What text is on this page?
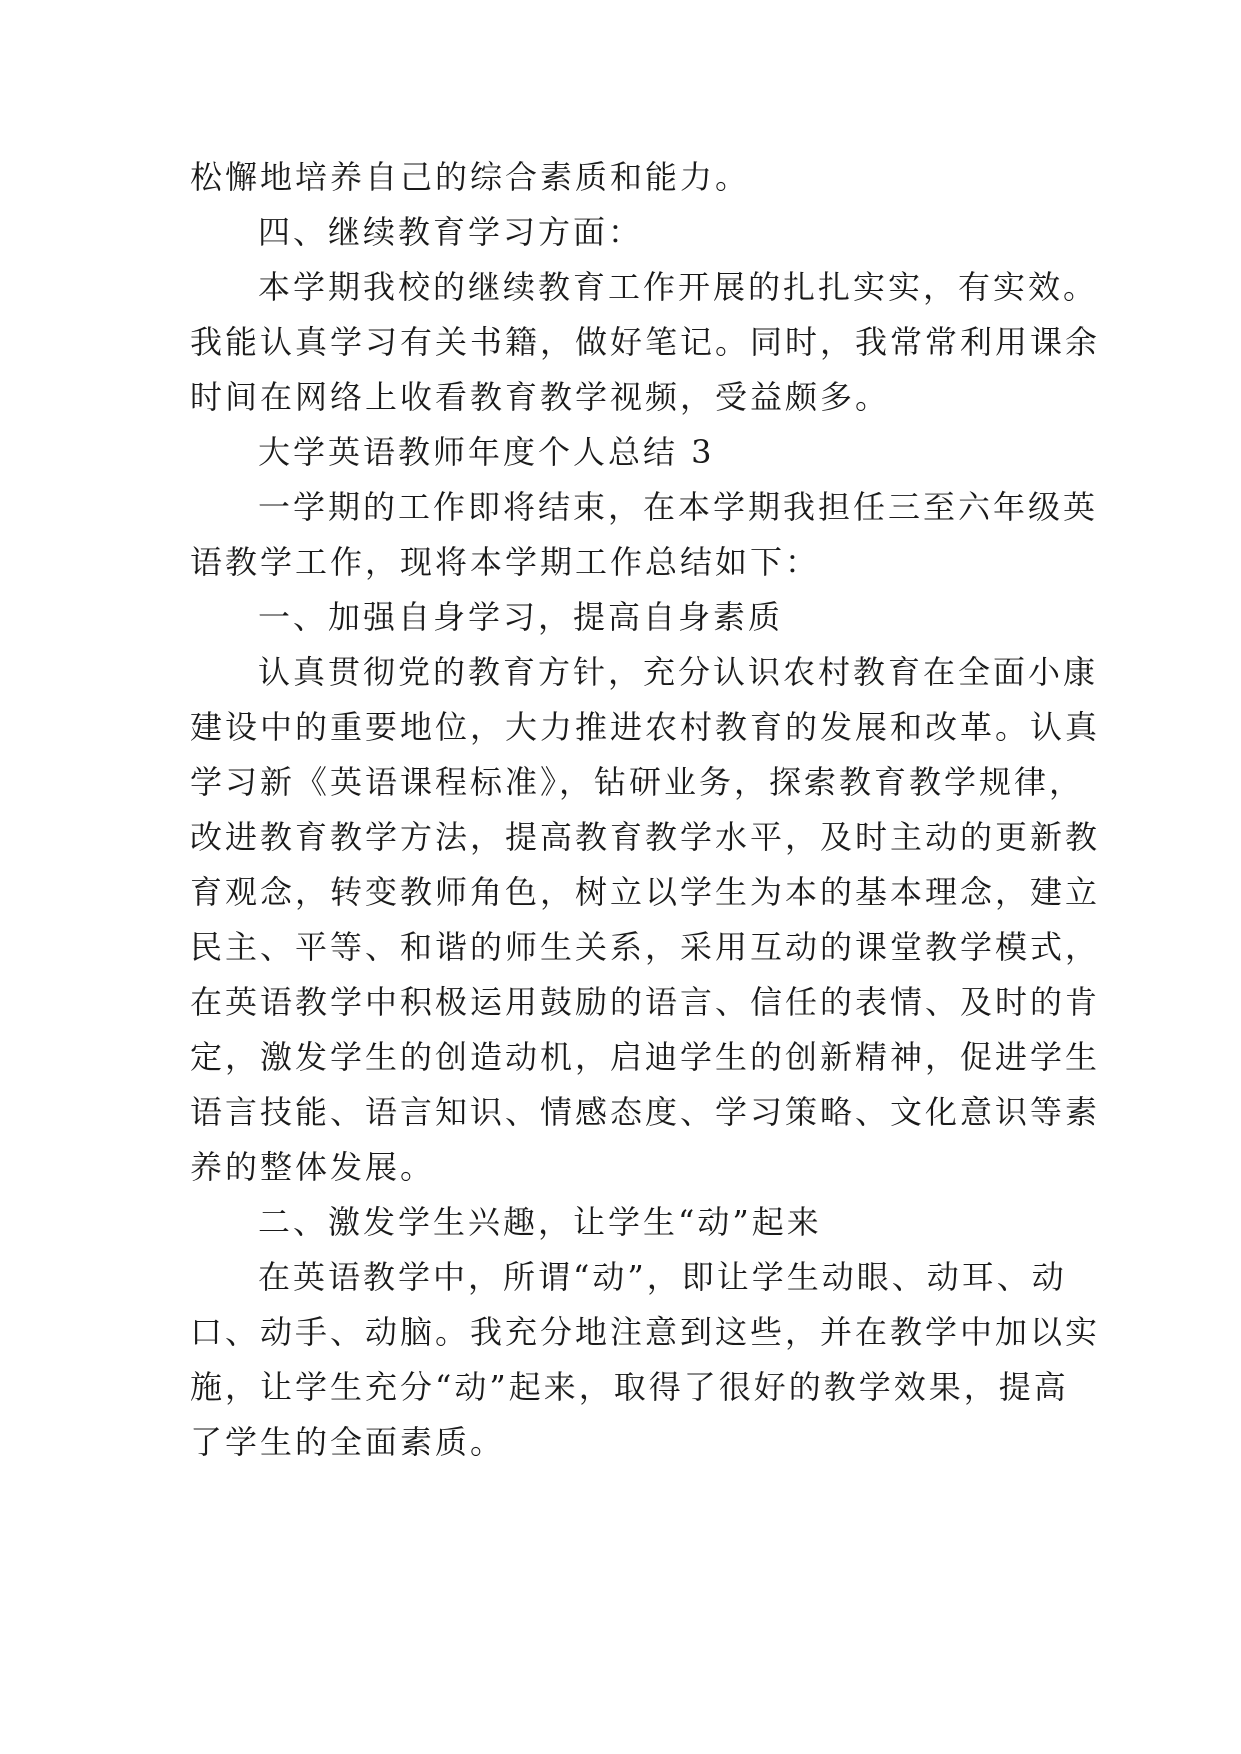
松懈地培养自己的综合素质和能力。
四、继续教育学习方面：
本学期我校的继续教育工作开展的扎扎实实，有实效。
我能认真学习有关书籍，做好笔记。同时，我常常利用课余
时间在网络上收看教育教学视频，受益颇多。
大学英语教师年度个人总结 3
一学期的工作即将结束，在本学期我担任三至六年级英
语教学工作，现将本学期工作总结如下：
一、加强自身学习，提高自身素质
认真贯彻党的教育方针，充分认识农村教育在全面小康
建设中的重要地位，大力推进农村教育的发展和改革。认真
学习新《英语课程标准》，钻研业务，探索教育教学规律，
改进教育教学方法，提高教育教学水平，及时主动的更新教
育观念，转变教师角色，树立以学生为本的基本理念，建立
民主、平等、和谐的师生关系，采用互动的课堂教学模式，
在英语教学中积极运用鼓励的语言、信任的表情、及时的肯
定，激发学生的创造动机，启迪学生的创新精神，促进学生
语言技能、语言知识、情感态度、学习策略、文化意识等素
养的整体发展。
二、激发学生兴趣，让学生“动”起来
在英语教学中，所谓“动”，即让学生动眼、动耳、动
口、动手、动脑。我充分地注意到这些，并在教学中加以实
施，让学生充分“动”起来，取得了很好的教学效果，提高
了学生的全面素质。
